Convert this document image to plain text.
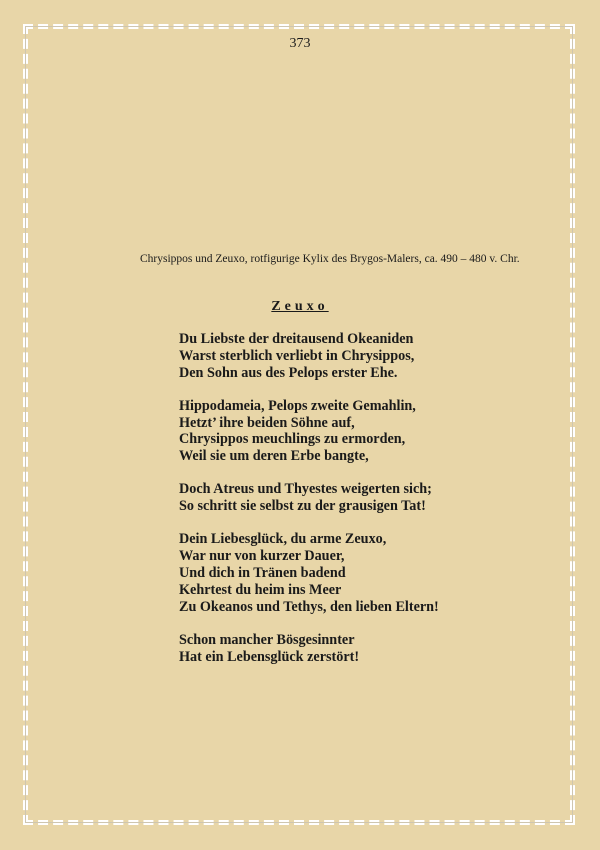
373
Chrysippos und Zeuxo, rotfigurige Kylix des Brygos-Malers, ca. 490 – 480 v. Chr.
Zeuxo
Du Liebste der dreitausend Okeaniden
Warst sterblich verliebt in Chrysippos,
Den Sohn aus des Pelops erster Ehe.
Hippodameia, Pelops zweite Gemahlin,
Hetzt’ ihre beiden Söhne auf,
Chrysippos meuchlings zu ermorden,
Weil sie um deren Erbe bangte,
Doch Atreus und Thyestes weigerten sich;
So schritt sie selbst zu der grausigen Tat!
Dein Liebesglück, du arme Zeuxo,
War nur von kurzer Dauer,
Und dich in Tränen badend
Kehrtest du heim ins Meer
Zu Okeanos und Tethys, den lieben Eltern!
Schon mancher Bösgesinnter
Hat ein Lebensglück zerstört!
